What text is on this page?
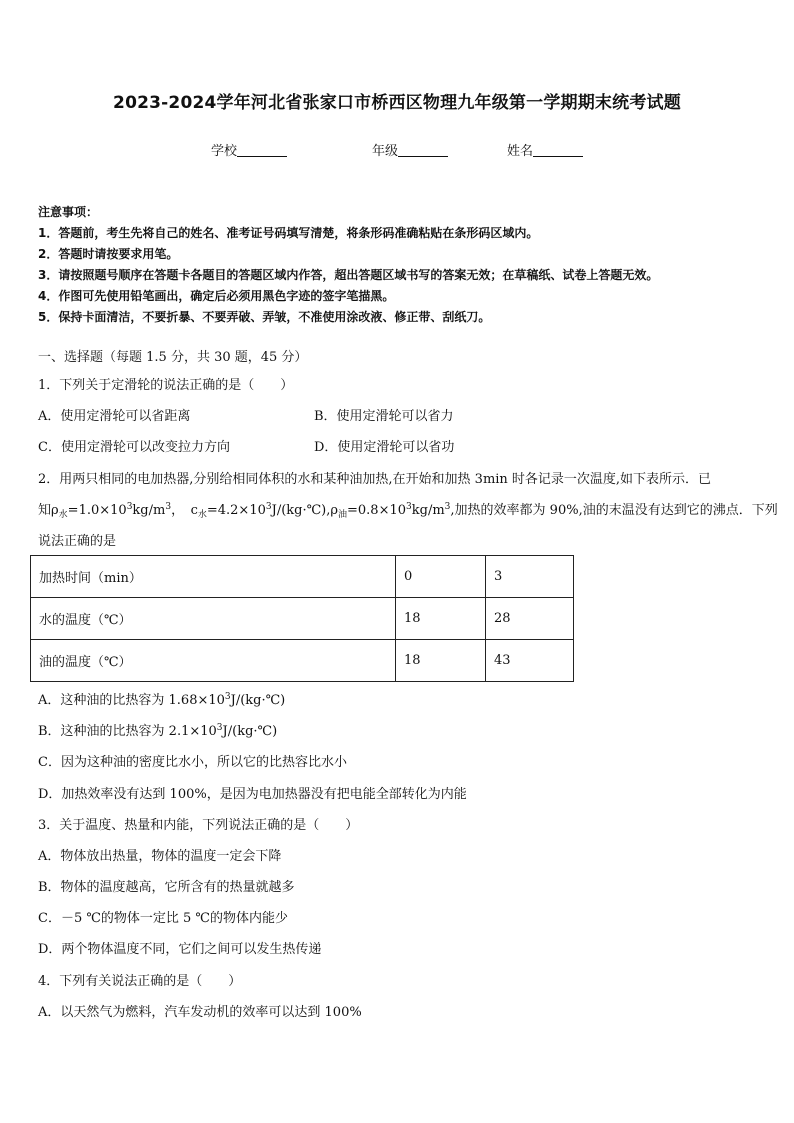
2023-2024学年河北省张家口市桥西区物理九年级第一学期期末统考试题
学校	年级	姓名
注意事项：
1．答题前，考生先将自己的姓名、准考证号码填写清楚，将条形码准确粘贴在条形码区域内。
2．答题时请按要求用笔。
3．请按照题号顺序在答题卡各题目的答题区域内作答，超出答题区域书写的答案无效；在草稿纸、试卷上答题无效。
4．作图可先使用铅笔画出，确定后必须用黑色字迹的签字笔描黑。
5．保持卡面清洁，不要折暴、不要弄破、弄皱，不准使用涂改液、修正带、刮纸刀。
一、选择题（每题 1.5 分，共 30 题，45 分）
1．下列关于定滑轮的说法正确的是（　　）
A．使用定滑轮可以省距离	B．使用定滑轮可以省力
C．使用定滑轮可以改变拉力方向	D．使用定滑轮可以省功
2．用两只相同的电加热器,分别给相同体积的水和某种油加热,在开始和加热 3min 时各记录一次温度,如下表所示．已
知$\rho_水=1.0\times 10^3kg/m^3$，　$c_水=4.2\times 10^3J/(kg\cdot℃),\rho_油=0.8\times 10^3kg/m^3$,加热的效率都为 90%,油的末温没有达到它的沸点．下列
说法正确的是
加热时间（min）	0	3
水的温度（℃）	18	28
油的温度（℃）	18	43
A．这种油的比热容为 $1.68\times 10^3J/(kg\cdot℃)$
B．这种油的比热容为 $2.1\times 10^3J/(kg\cdot℃)$
C．因为这种油的密度比水小，所以它的比热容比水小
D．加热效率没有达到 100%，是因为电加热器没有把电能全部转化为内能
3．关于温度、热量和内能，下列说法正确的是（　　）
A．物体放出热量，物体的温度一定会下降
B．物体的温度越高，它所含有的热量就越多
C．－5 ℃的物体一定比 5 ℃的物体内能少
D．两个物体温度不同，它们之间可以发生热传递
4．下列有关说法正确的是（　　）
A．以天然气为燃料，汽车发动机的效率可以达到 100%
